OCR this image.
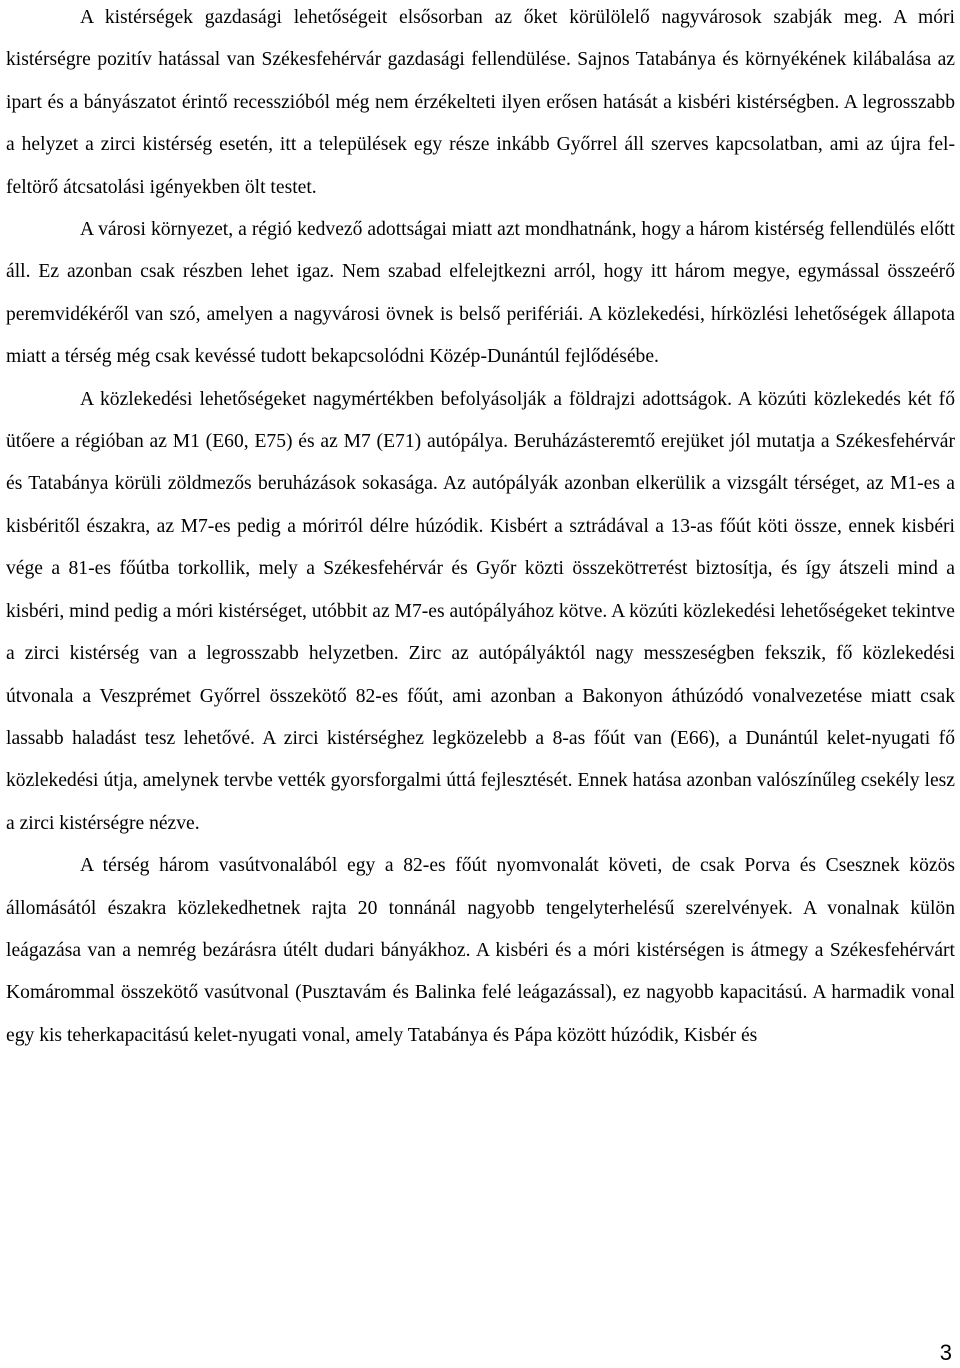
A kistérségek gazdasági lehetőségeit elsősorban az őket körülölelő nagyvárosok szabják meg. A móri kistérségre pozitív hatással van Székesfehérvár gazdasági fellendülése. Sajnos Tatabánya és környékének kilábalása az ipart és a bányászatot érintő recesszióból még nem érzékelteti ilyen erősen hatását a kisbéri kistérségben. A legrosszabb a helyzet a zirci kistérség esetén, itt a települések egy része inkább Győrrel áll szerves kapcsolatban, ami az újra fel-feltörő átcsatolási igényekben ölt testet.

A városi környezet, a régió kedvező adottságai miatt azt mondhatnánk, hogy a három kistérség fellendülés előtt áll. Ez azonban csak részben lehet igaz. Nem szabad elfelejtkezni arról, hogy itt három megye, egymással összeérő peremvidékéről van szó, amelyen a nagyvárosi övnek is belső perifériái. A közlekedési, hírközlési lehetőségek állapota miatt a térség még csak kevéssé tudott bekapcsolódni Közép-Dunántúl fejlődésébe.

A közlekedési lehetőségeket nagymértékben befolyásolják a földrajzi adottságok. A közúti közlekedés két fő ütőere a régióban az M1 (E60, E75) és az M7 (E71) autópálya. Beruházásteremtő erejüket jól mutatja a Székesfehérvár és Tatabánya körüli zöldmezős beruházások sokasága. Az autópályák azonban elkerülik a vizsgált térséget, az M1-es a kisbéritől északra, az M7-es pedig a mórітól délre húzódik. Kisbért a sztrádával a 13-as főút köti össze, ennek kisbéri vége a 81-es főútba torkollik, mely a Székesfehérvár és Győr közti összekötтетést biztosítja, és így átszeli mind a kisbéri, mind pedig a móri kistérséget, utóbbit az M7-es autópályához kötve. A közúti közlekedési lehetőségeket tekintve a zirci kistérség van a legrosszabb helyzetben. Zirc az autópályáktól nagy messzeségben fekszik, fő közlekedési útvonala a Veszprémet Győrrel összekötő 82-es főút, ami azonban a Bakonyon áthúzódó vonalvezetése miatt csak lassabb haladást tesz lehetővé. A zirci kistérséghez legközelebb a 8-as főút van (E66), a Dunántúl kelet-nyugati fő közlekedési útja, amelynek tervbe vették gyorsforgalmi úttá fejlesztését. Ennek hatása azonban valószínűleg csekély lesz a zirci kistérségre nézve.

A térség három vasútvonalából egy a 82-es főút nyomvonalát követi, de csak Porva és Csesznek közös állomásától északra közlekedhetnek rajta 20 tonnánál nagyobb tengelyterhelésű szerelvények. A vonalnak külön leágazása van a nemrég bezárásra útélt dudari bányákhoz. A kisbéri és a móri kistérségen is átmegy a Székesfehérvárt Komárommal összekötő vasútvonal (Pusztavám és Balinka felé leágazással), ez nagyobb kapacitású. A harmadik vonal egy kis teherkapacitású kelet-nyugati vonal, amely Tatabánya és Pápa között húzódik, Kisbér és

3
